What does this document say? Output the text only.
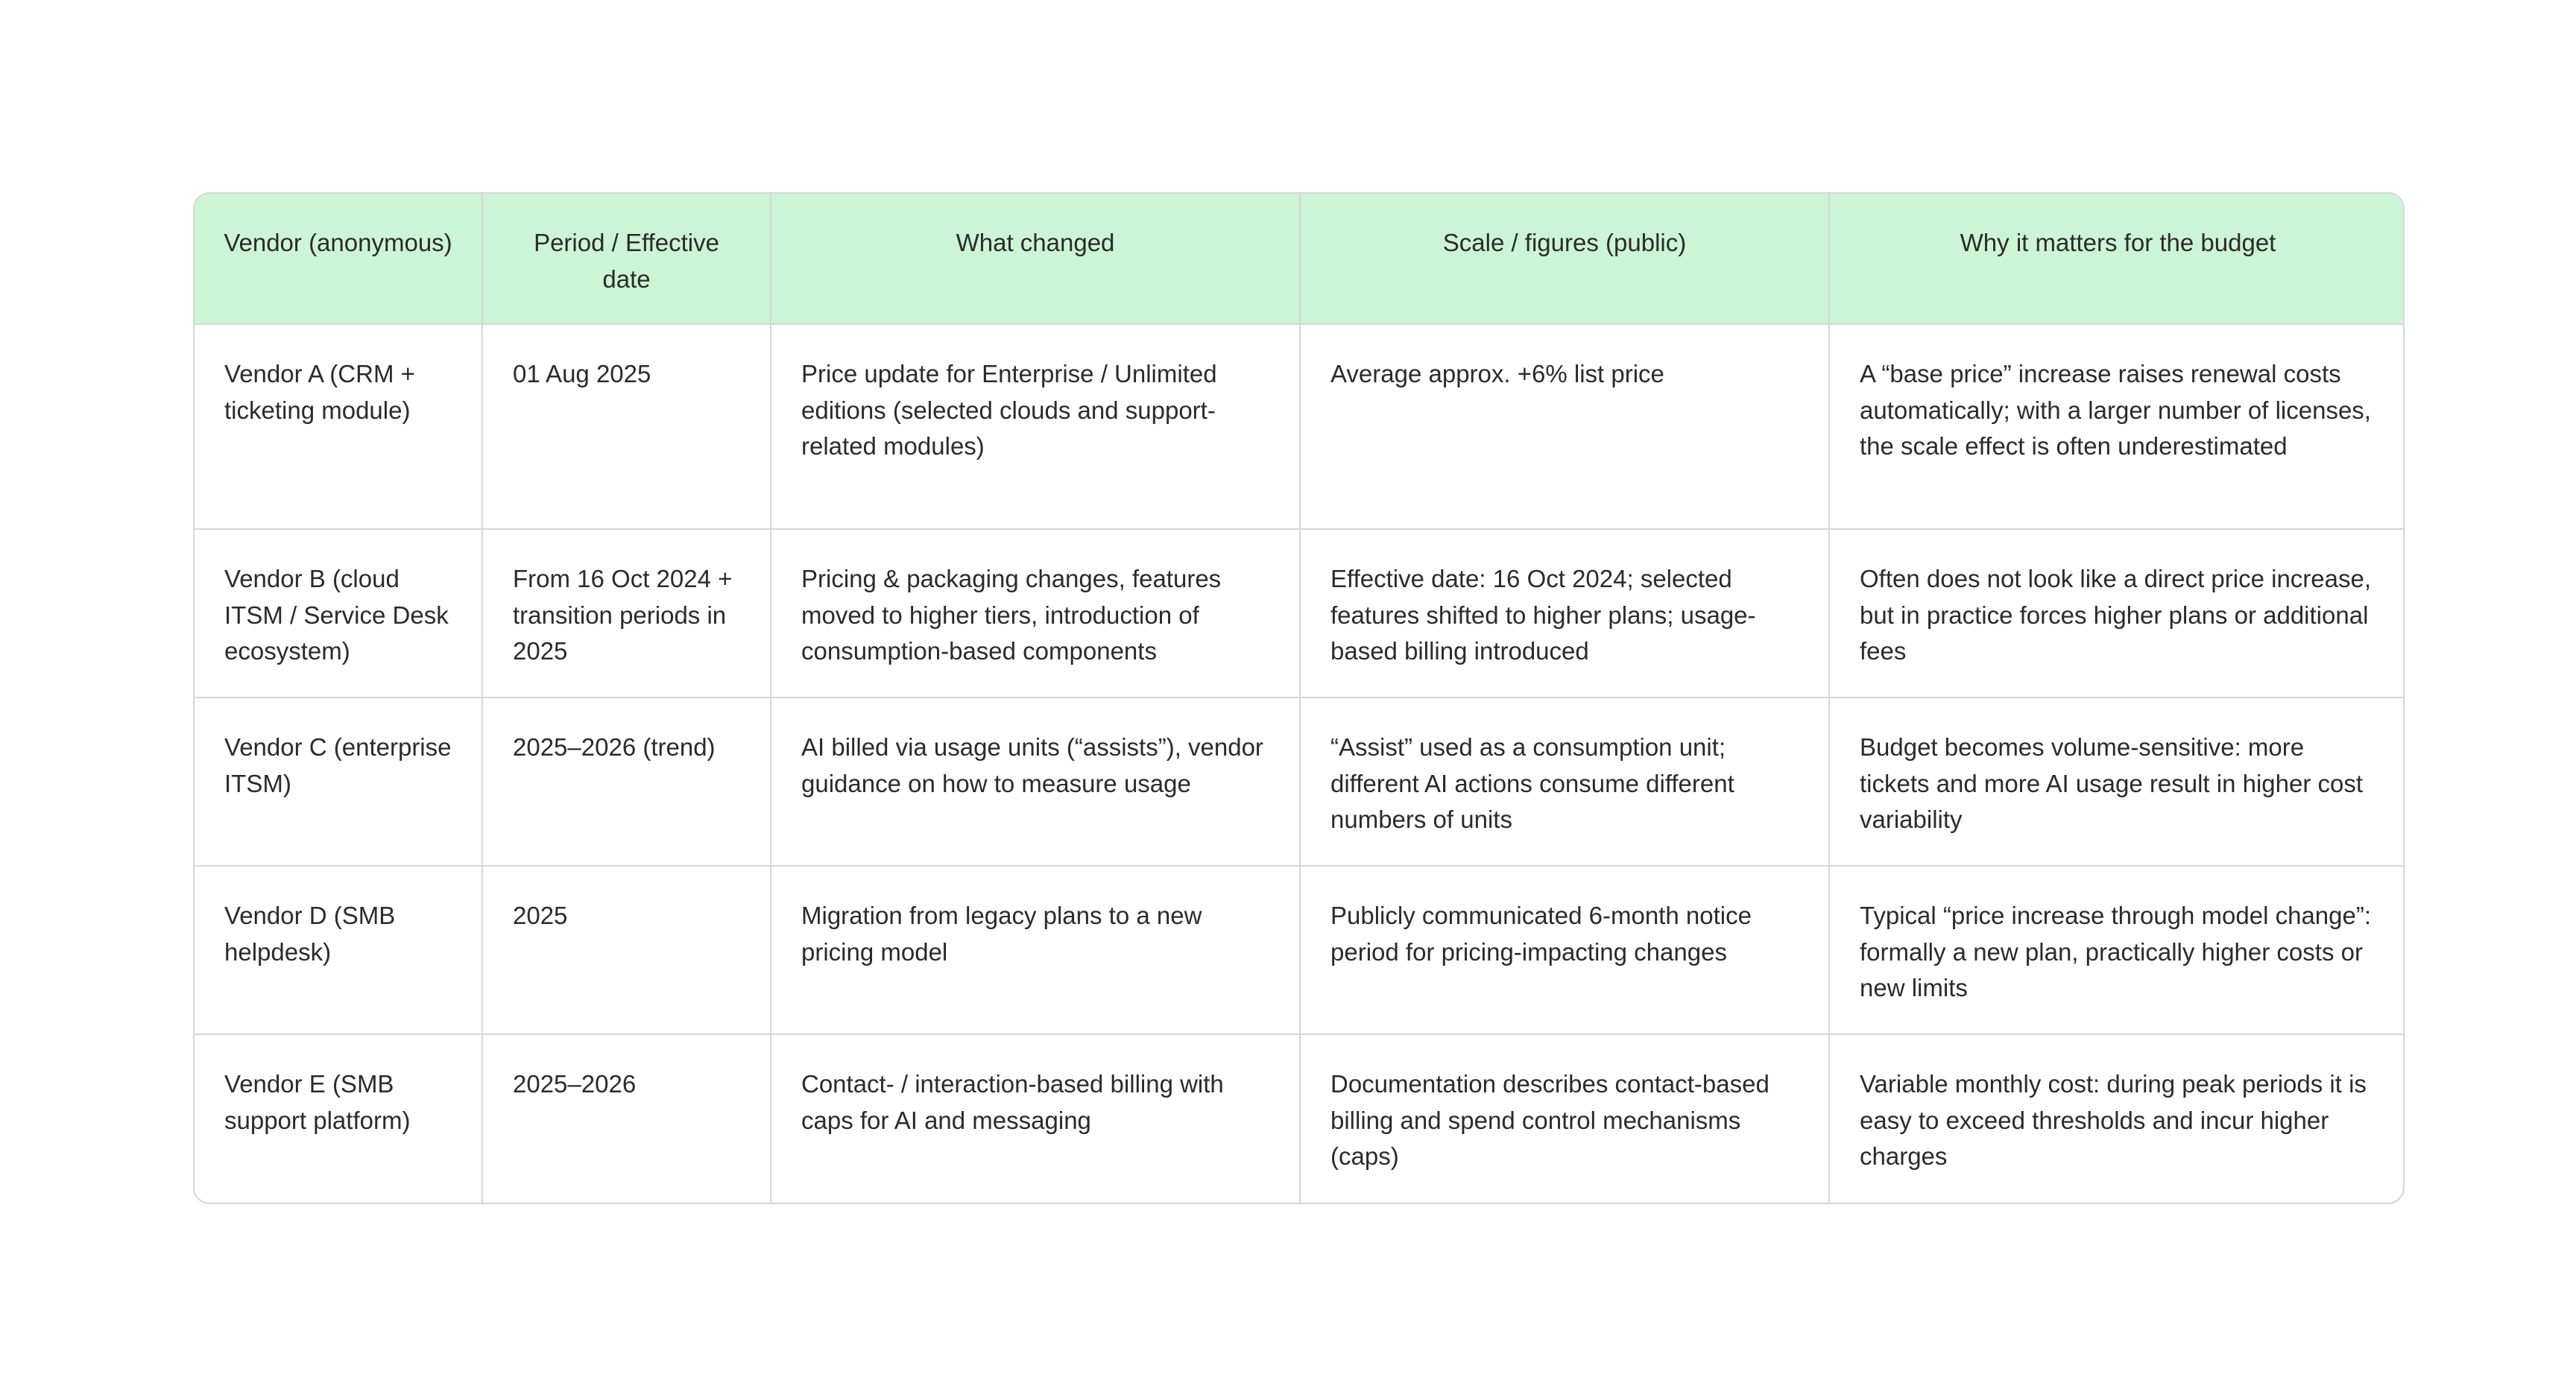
Vendor (anonymous)	Period / Effective date	What changed	Scale / figures (public)	Why it matters for the budget
Vendor A (CRM + ticketing module)	01 Aug 2025	Price update for Enterprise / Unlimited editions (selected clouds and support-related modules)	Average approx. +6% list price	A “base price” increase raises renewal costs automatically; with a larger number of licenses, the scale effect is often underestimated
Vendor B (cloud ITSM / Service Desk ecosystem)	From 16 Oct 2024 + transition periods in 2025	Pricing & packaging changes, features moved to higher tiers, introduction of consumption-based components	Effective date: 16 Oct 2024; selected features shifted to higher plans; usage-based billing introduced	Often does not look like a direct price increase, but in practice forces higher plans or additional fees
Vendor C (enterprise ITSM)	2025–2026 (trend)	AI billed via usage units (“assists”), vendor guidance on how to measure usage	“Assist” used as a consumption unit; different AI actions consume different numbers of units	Budget becomes volume-sensitive: more tickets and more AI usage result in higher cost variability
Vendor D (SMB helpdesk)	2025	Migration from legacy plans to a new pricing model	Publicly communicated 6-month notice period for pricing-impacting changes	Typical “price increase through model change”: formally a new plan, practically higher costs or new limits
Vendor E (SMB support platform)	2025–2026	Contact- / interaction-based billing with caps for AI and messaging	Documentation describes contact-based billing and spend control mechanisms (caps)	Variable monthly cost: during peak periods it is easy to exceed thresholds and incur higher charges
